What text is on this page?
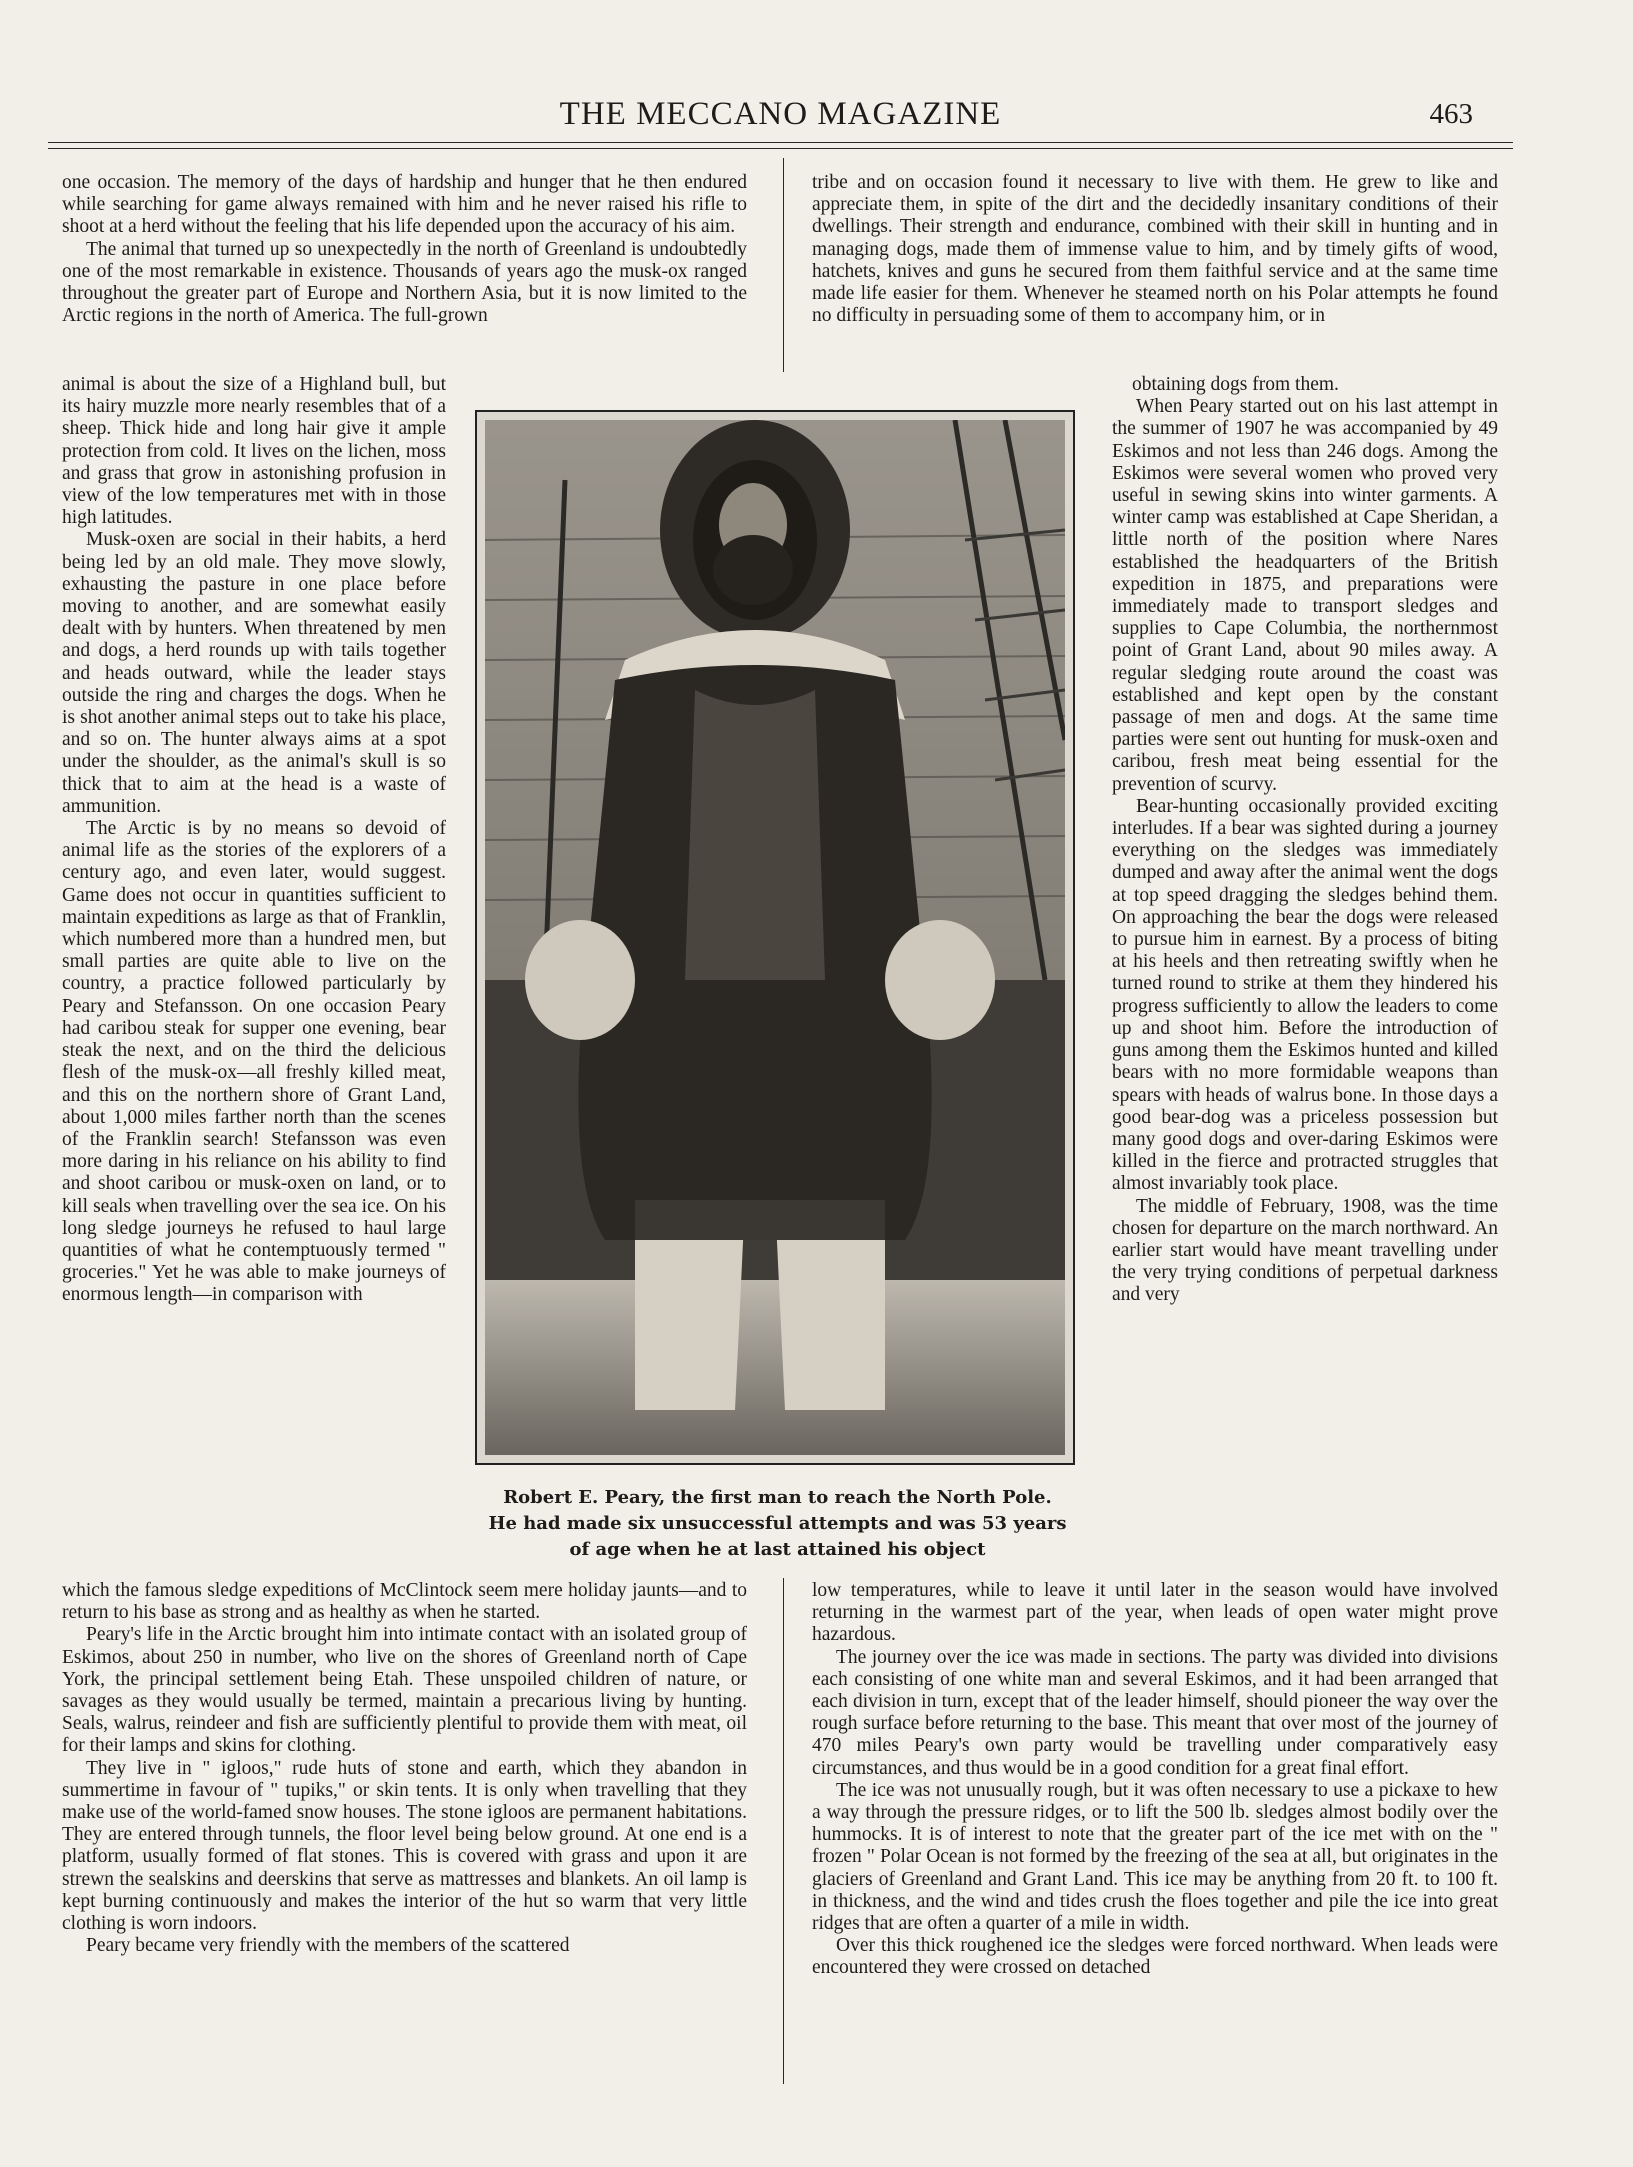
THE MECCANO MAGAZINE	463

one occasion. The memory of the days of hardship and hunger that he then endured while searching for game always remained with him and he never raised his rifle to shoot at a herd without the feeling that his life depended upon the accuracy of his aim.

The animal that turned up so unexpectedly in the north of Greenland is undoubtedly one of the most remarkable in existence. Thousands of years ago the musk-ox ranged throughout the greater part of Europe and Northern Asia, but it is now limited to the Arctic regions in the north of America. The full-grown

animal is about the size of a Highland bull, but its hairy muzzle more nearly resembles that of a sheep. Thick hide and long hair give it ample protection from cold. It lives on the lichen, moss and grass that grow in astonishing profusion in view of the low temperatures met with in those high latitudes.

Musk-oxen are social in their habits, a herd being led by an old male. They move slowly, exhausting the pasture in one place before moving to another, and are somewhat easily dealt with by hunters. When threatened by men and dogs, a herd rounds up with tails together and heads outward, while the leader stays outside the ring and charges the dogs. When he is shot another animal steps out to take his place, and so on. The hunter always aims at a spot under the shoulder, as the animal's skull is so thick that to aim at the head is a waste of ammunition.

The Arctic is by no means so devoid of animal life as the stories of the explorers of a century ago, and even later, would suggest. Game does not occur in quantities sufficient to maintain expeditions as large as that of Franklin, which numbered more than a hundred men, but small parties are quite able to live on the country, a practice followed particularly by Peary and Stefansson. On one occasion Peary had caribou steak for supper one evening, bear steak the next, and on the third the delicious flesh of the musk-ox—all freshly killed meat, and this on the northern shore of Grant Land, about 1,000 miles farther north than the scenes of the Franklin search! Stefansson was even more daring in his reliance on his ability to find and shoot caribou or musk-oxen on land, or to kill seals when travelling over the sea ice. On his long sledge journeys he refused to haul large quantities of what he contemptuously termed " groceries." Yet he was able to make journeys of enormous length—in comparison with

which the famous sledge expeditions of McClintock seem mere holiday jaunts—and to return to his base as strong and as healthy as when he started.

Peary's life in the Arctic brought him into intimate contact with an isolated group of Eskimos, about 250 in number, who live on the shores of Greenland north of Cape York, the principal settlement being Etah. These unspoiled children of nature, or savages as they would usually be termed, maintain a precarious living by hunting. Seals, walrus, reindeer and fish are sufficiently plentiful to provide them with meat, oil for their lamps and skins for clothing.

They live in " igloos," rude huts of stone and earth, which they abandon in summertime in favour of " tupiks," or skin tents. It is only when travelling that they make use of the world-famed snow houses. The stone igloos are permanent habitations. They are entered through tunnels, the floor level being below ground. At one end is a platform, usually formed of flat stones. This is covered with grass and upon it are strewn the sealskins and deerskins that serve as mattresses and blankets. An oil lamp is kept burning continuously and makes the interior of the hut so warm that very little clothing is worn indoors.

Peary became very friendly with the members of the scattered

tribe and on occasion found it necessary to live with them. He grew to like and appreciate them, in spite of the dirt and the decidedly insanitary conditions of their dwellings. Their strength and endurance, combined with their skill in hunting and in managing dogs, made them of immense value to him, and by timely gifts of wood, hatchets, knives and guns he secured from them faithful service and at the same time made life easier for them. Whenever he steamed north on his Polar attempts he found no difficulty in persuading some of them to accompany him, or in

obtaining dogs from them.

When Peary started out on his last attempt in the summer of 1907 he was accompanied by 49 Eskimos and not less than 246 dogs. Among the Eskimos were several women who proved very useful in sewing skins into winter garments. A winter camp was established at Cape Sheridan, a little north of the position where Nares established the headquarters of the British expedition in 1875, and preparations were immediately made to transport sledges and supplies to Cape Columbia, the northernmost point of Grant Land, about 90 miles away. A regular sledging route around the coast was established and kept open by the constant passage of men and dogs. At the same time parties were sent out hunting for musk-oxen and caribou, fresh meat being essential for the prevention of scurvy.

Bear-hunting occasionally provided exciting interludes. If a bear was sighted during a journey everything on the sledges was immediately dumped and away after the animal went the dogs at top speed dragging the sledges behind them. On approaching the bear the dogs were released to pursue him in earnest. By a process of biting at his heels and then retreating swiftly when he turned round to strike at them they hindered his progress sufficiently to allow the leaders to come up and shoot him. Before the introduction of guns among them the Eskimos hunted and killed bears with no more formidable weapons than spears with heads of walrus bone. In those days a good bear-dog was a priceless possession but many good dogs and over-daring Eskimos were killed in the fierce and protracted struggles that almost invariably took place.

The middle of February, 1908, was the time chosen for departure on the march northward. An earlier start would have meant travelling under the very trying conditions of perpetual darkness and very

low temperatures, while to leave it until later in the season would have involved returning in the warmest part of the year, when leads of open water might prove hazardous.

The journey over the ice was made in sections. The party was divided into divisions each consisting of one white man and several Eskimos, and it had been arranged that each division in turn, except that of the leader himself, should pioneer the way over the rough surface before returning to the base. This meant that over most of the journey of 470 miles Peary's own party would be travelling under comparatively easy circumstances, and thus would be in a good condition for a great final effort.

The ice was not unusually rough, but it was often necessary to use a pickaxe to hew a way through the pressure ridges, or to lift the 500 lb. sledges almost bodily over the hummocks. It is of interest to note that the greater part of the ice met with on the " frozen " Polar Ocean is not formed by the freezing of the sea at all, but originates in the glaciers of Greenland and Grant Land. This ice may be anything from 20 ft. to 100 ft. in thickness, and the wind and tides crush the floes together and pile the ice into great ridges that are often a quarter of a mile in width.

Over this thick roughened ice the sledges were forced northward. When leads were encountered they were crossed on detached

Robert E. Peary, the first man to reach the North Pole.
He had made six unsuccessful attempts and was 53 years
of age when he at last attained his object
